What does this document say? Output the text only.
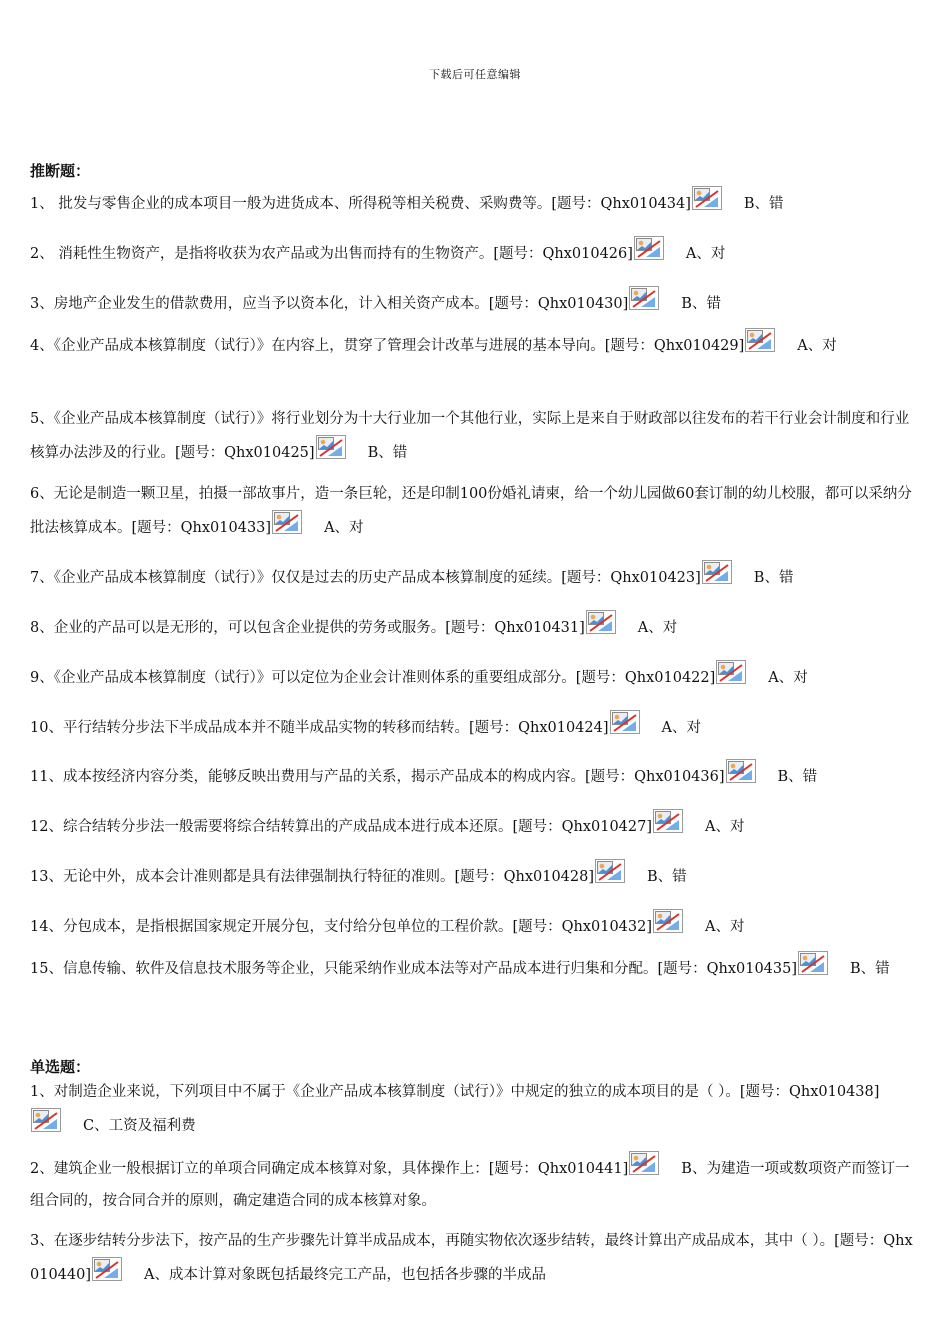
下载后可任意编辑
推断题：
1、 批发与零售企业的成本项目一般为进货成本、所得税等相关税费、采购费等。[题号：Qhx010434]	B、错
2、 消耗性生物资产，是指将收获为农产品或为出售而持有的生物资产。[题号：Qhx010426]	A、对
3、房地产企业发生的借款费用，应当予以资本化，计入相关资产成本。[题号：Qhx010430]	B、错
4、《企业产品成本核算制度（试行）》在内容上，贯穿了管理会计改革与进展的基本导向。[题号：Qhx010429]	A、对
5、《企业产品成本核算制度（试行）》将行业划分为十大行业加一个其他行业，实际上是来自于财政部以往发布的若干行业会计制度和行业核算办法涉及的行业。[题号：Qhx010425]	B、错
6、无论是制造一颗卫星，拍摄一部故事片，造一条巨轮，还是印制100份婚礼请柬，给一个幼儿园做60套订制的幼儿校服，都可以采纳分批法核算成本。[题号：Qhx010433]	A、对
7、《企业产品成本核算制度（试行）》仅仅是过去的历史产品成本核算制度的延续。[题号：Qhx010423]	B、错
8、企业的产品可以是无形的，可以包含企业提供的劳务或服务。[题号：Qhx010431]	A、对
9、《企业产品成本核算制度（试行）》可以定位为企业会计准则体系的重要组成部分。[题号：Qhx010422]	A、对
10、平行结转分步法下半成品成本并不随半成品实物的转移而结转。[题号：Qhx010424]	A、对
11、成本按经济内容分类，能够反映出费用与产品的关系，揭示产品成本的构成内容。[题号：Qhx010436]	B、错
12、综合结转分步法一般需要将综合结转算出的产成品成本进行成本还原。[题号：Qhx010427]	A、对
13、无论中外，成本会计准则都是具有法律强制执行特征的准则。[题号：Qhx010428]	B、错
14、分包成本，是指根据国家规定开展分包，支付给分包单位的工程价款。[题号：Qhx010432]	A、对
15、信息传输、软件及信息技术服务等企业，只能采纳作业成本法等对产品成本进行归集和分配。[题号：Qhx010435]	B、错
单选题：
1、对制造企业来说，下列项目中不属于《企业产品成本核算制度（试行）》中规定的独立的成本项目的是（ ）。[题号：Qhx010438]
C、工资及福利费
2、建筑企业一般根据订立的单项合同确定成本核算对象，具体操作上：[题号：Qhx010441]	B、为建造一项或数项资产而签订一组合同的，按合同合并的原则，确定建造合同的成本核算对象。
3、在逐步结转分步法下，按产品的生产步骤先计算半成品成本，再随实物依次逐步结转，最终计算出产成品成本，其中（ ）。[题号：Qhx010440]	A、成本计算对象既包括最终完工产品，也包括各步骤的半成品
